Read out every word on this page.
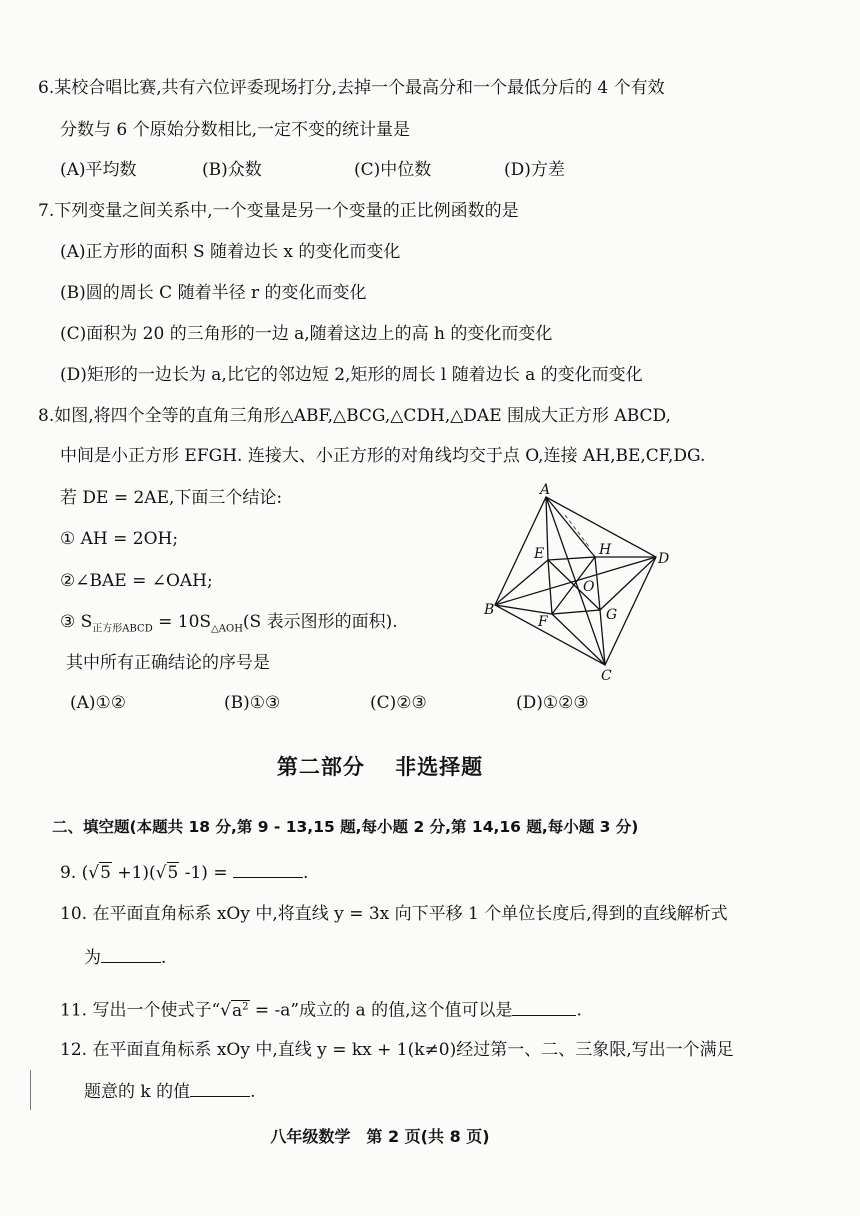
6.某校合唱比赛,共有六位评委现场打分,去掉一个最高分和一个最低分后的 4 个有效
分数与 6 个原始分数相比,一定不变的统计量是
(A)平均数	(B)众数	(C)中位数	(D)方差
7.下列变量之间关系中,一个变量是另一个变量的正比例函数的是
(A)正方形的面积 S 随着边长 x 的变化而变化
(B)圆的周长 C 随着半径 r 的变化而变化
(C)面积为 20 的三角形的一边 a,随着这边上的高 h 的变化而变化
(D)矩形的一边长为 a,比它的邻边短 2,矩形的周长 l 随着边长 a 的变化而变化
8.如图,将四个全等的直角三角形△ABF,△BCG,△CDH,△DAE 围成大正方形 ABCD,
中间是小正方形 EFGH. 连接大、小正方形的对角线均交于点 O,连接 AH,BE,CF,DG.
若 DE = 2AE,下面三个结论:
① AH = 2OH;
②∠BAE = ∠OAH;
③ $S_{正方形ABCD} = 10S_{\triangle AOH}(S$ 表示图形的面积).
其中所有正确结论的序号是
(A)①②	(B)①③	(C)②③	(D)①②③
A
B
C
D
E
F	G
H
O
第二部分　 非选择题
二、填空题(本题共 18 分,第 9 - 13,15 题,每小题 2 分,第 14,16 题,每小题 3 分)
9. (√5 +1)(√5 -1) =	.
10. 在平面直角标系 xOy 中,将直线 y = 3x 向下平移 1 个单位长度后,得到的直线解析式
为	.
11. 写出一个使式子“$√a^2 = -a$”成立的 a 的值,这个值可以是	.
12. 在平面直角标系 xOy 中,直线 y = kx + 1(k≠0)经过第一、二、三象限,写出一个满足
题意的 k 的值	.
八年级数学　第 2 页(共 8 页)
